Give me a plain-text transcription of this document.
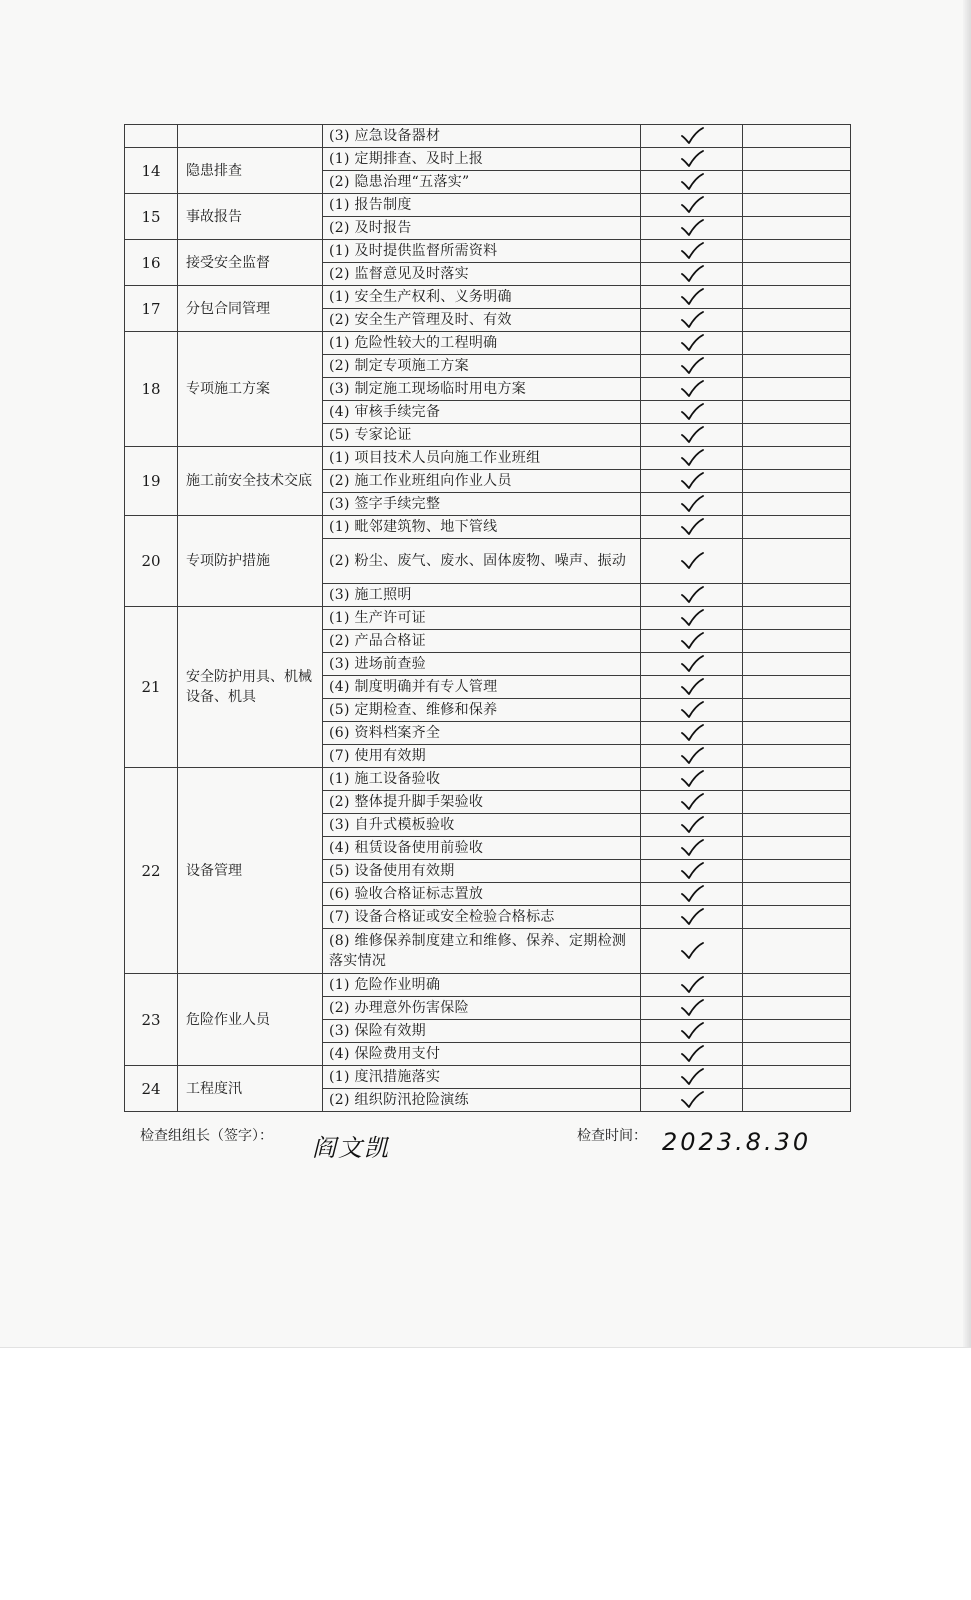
		(3) 应急设备器材	

14	隐患排查	(1) 定期排查、及时上报	

		(2) 隐患治理“五落实”	

15	事故报告	(1) 报告制度	

		(2) 及时报告	

16	接受安全监督	(1) 及时提供监督所需资料	

		(2) 监督意见及时落实	

17	分包合同管理	(1) 安全生产权利、义务明确	

		(2) 安全生产管理及时、有效	

18	专项施工方案	(1) 危险性较大的工程明确	

		(2) 制定专项施工方案	

		(3) 制定施工现场临时用电方案	

		(4) 审核手续完备	

		(5) 专家论证	

19	施工前安全技术交底	(1) 项目技术人员向施工作业班组	

		(2) 施工作业班组向作业人员	

		(3) 签字手续完整	

20	专项防护措施	(1) 毗邻建筑物、地下管线	

		(2) 粉尘、废气、废水、固体废物、噪声、振动	

		(3) 施工照明	

21	安全防护用具、机械设备、机具	(1) 生产许可证	

		(2) 产品合格证	

		(3) 进场前查验	

		(4) 制度明确并有专人管理	

		(5) 定期检查、维修和保养	

		(6) 资料档案齐全	

		(7) 使用有效期	

22	设备管理	(1) 施工设备验收	

		(2) 整体提升脚手架验收	

		(3) 自升式模板验收	

		(4) 租赁设备使用前验收	

		(5) 设备使用有效期	

		(6) 验收合格证标志置放	

		(7) 设备合格证或安全检验合格标志	

		(8) 维修保养制度建立和维修、保养、定期检测落实情况	

23	危险作业人员	(1) 危险作业明确	

		(2) 办理意外伤害保险	

		(3) 保险有效期	

		(4) 保险费用支付	

24	工程度汛	(1) 度汛措施落实	

		(2) 组织防汛抢险演练	

检查组组长（签字）： 阎文凯	检查时间： 2023.8.30
